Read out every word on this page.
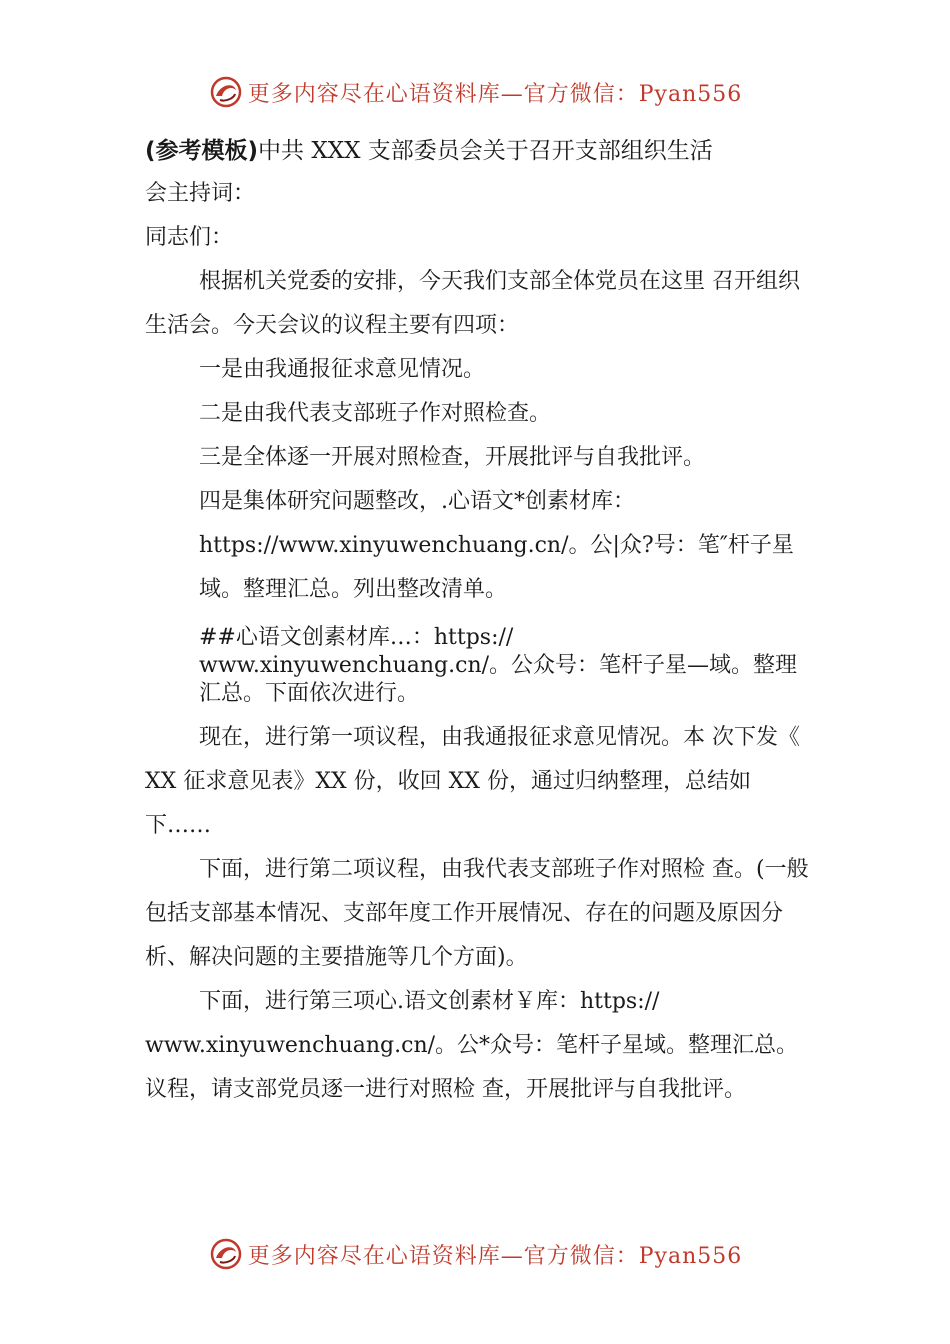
更多内容尽在心语资料库—官方微信：Pyan556

(参考模板)中共 XXX 支部委员会关于召开支部组织生活

会主持词：

同志们：

根据机关党委的安排，今天我们支部全体党员在这里 召开组织生活会。今天会议的议程主要有四项：

一是由我通报征求意见情况。

二是由我代表支部班子作对照检查。

三是全体逐一开展对照检查，开展批评与自我批评。

四是集体研究问题整改，.心语文*创素材库：https://www.xinyuwenchuang.cn/。公|众?号：笔″杆子星域。整理汇总。列出整改清单。

##心语文创素材库…：https:// www.xinyuwenchuang.cn/。公众号：笔杆子星—域。整理汇总。下面依次进行。

现在，进行第一项议程，由我通报征求意见情况。本 次下发《 XX 征求意见表》XX 份，收回 XX 份，通过归纳整理，总结如下……

下面，进行第二项议程，由我代表支部班子作对照检 查。(一般包括支部基本情况、支部年度工作开展情况、存在的问题及原因分析、解决问题的主要措施等几个方面)。

下面，进行第三项心.语文创素材￥库：https:// www.xinyuwenchuang.cn/。公*众号：笔杆子星域。整理汇总。议程，请支部党员逐一进行对照检 查，开展批评与自我批评。

更多内容尽在心语资料库—官方微信：Pyan556
